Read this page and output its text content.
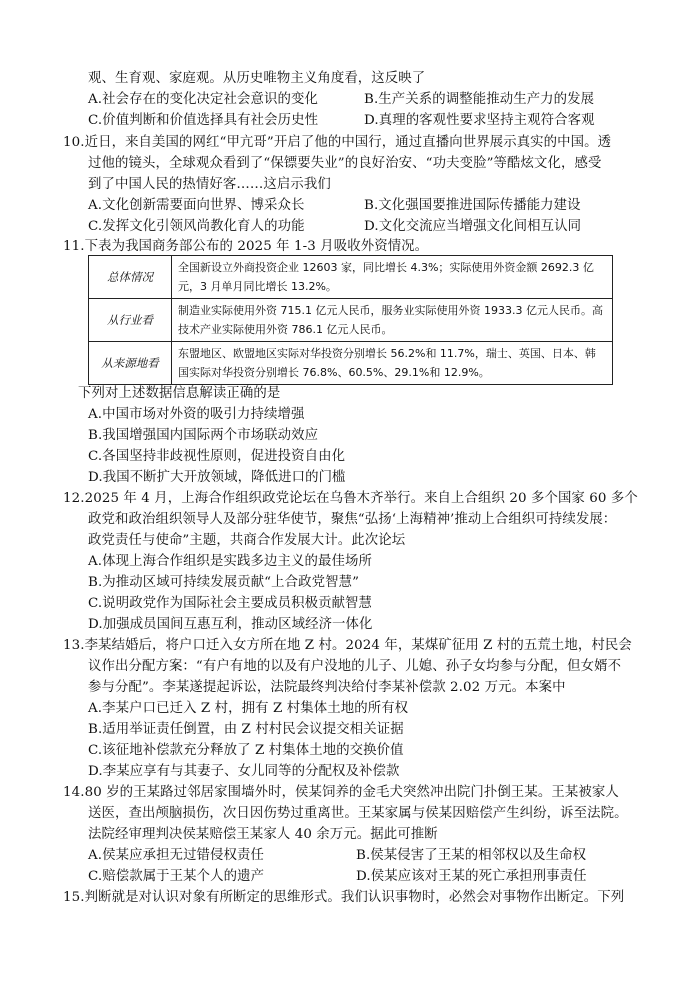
观、生育观、家庭观。从历史唯物主义角度看，这反映了
A.社会存在的变化决定社会意识的变化	B.生产关系的调整能推动生产力的发展
C.价值判断和价值选择具有社会历史性	D.真理的客观性要求坚持主观符合客观
10.近日，来自美国的网红“甲亢哥”开启了他的中国行，通过直播向世界展示真实的中国。透
过他的镜头，全球观众看到了“保镖要失业”的良好治安、“功夫变脸”等酷炫文化，感受
到了中国人民的热情好客……这启示我们
A.文化创新需要面向世界、博采众长	B.文化强国要推进国际传播能力建设
C.发挥文化引领风尚教化育人的功能	D.文化交流应当增强文化间相互认同
11.下表为我国商务部公布的 2025 年 1-3 月吸收外资情况。
总体情况	全国新设立外商投资企业 12603 家，同比增长 4.3%；实际使用外资金额 2692.3 亿元，3 月单月同比增长 13.2%。
从行业看	制造业实际使用外资 715.1 亿元人民币，服务业实际使用外资 1933.3 亿元人民币。高技术产业实际使用外资 786.1 亿元人民币。
从来源地看	东盟地区、欧盟地区实际对华投资分别增长 56.2%和 11.7%，瑞士、英国、日本、韩国实际对华投资分别增长 76.8%、60.5%、29.1%和 12.9%。
下列对上述数据信息解读正确的是
A.中国市场对外资的吸引力持续增强
B.我国增强国内国际两个市场联动效应
C.各国坚持非歧视性原则，促进投资自由化
D.我国不断扩大开放领域，降低进口的门槛
12.2025 年 4 月，上海合作组织政党论坛在乌鲁木齐举行。来自上合组织 20 多个国家 60 多个
政党和政治组织领导人及部分驻华使节，聚焦“弘扬‘上海精神’推动上合组织可持续发展：
政党责任与使命”主题，共商合作发展大计。此次论坛
A.体现上海合作组织是实践多边主义的最佳场所
B.为推动区域可持续发展贡献“上合政党智慧”
C.说明政党作为国际社会主要成员积极贡献智慧
D.加强成员国间互惠互利，推动区域经济一体化
13.李某结婚后，将户口迁入女方所在地 Z 村。2024 年，某煤矿征用 Z 村的五荒土地，村民会
议作出分配方案：“有户有地的以及有户没地的儿子、儿媳、孙子女均参与分配，但女婿不
参与分配”。李某遂提起诉讼，法院最终判决给付李某补偿款 2.02 万元。本案中
A.李某户口已迁入 Z 村，拥有 Z 村集体土地的所有权
B.适用举证责任倒置，由 Z 村村民会议提交相关证据
C.该征地补偿款充分释放了 Z 村集体土地的交换价值
D.李某应享有与其妻子、女儿同等的分配权及补偿款
14.80 岁的王某路过邻居家围墙外时，侯某饲养的金毛犬突然冲出院门扑倒王某。王某被家人
送医，查出颅脑损伤，次日因伤势过重离世。王某家属与侯某因赔偿产生纠纷，诉至法院。
法院经审理判决侯某赔偿王某家人 40 余万元。据此可推断
A.侯某应承担无过错侵权责任	B.侯某侵害了王某的相邻权以及生命权
C.赔偿款属于王某个人的遗产	D.侯某应该对王某的死亡承担刑事责任
15.判断就是对认识对象有所断定的思维形式。我们认识事物时，必然会对事物作出断定。下列
